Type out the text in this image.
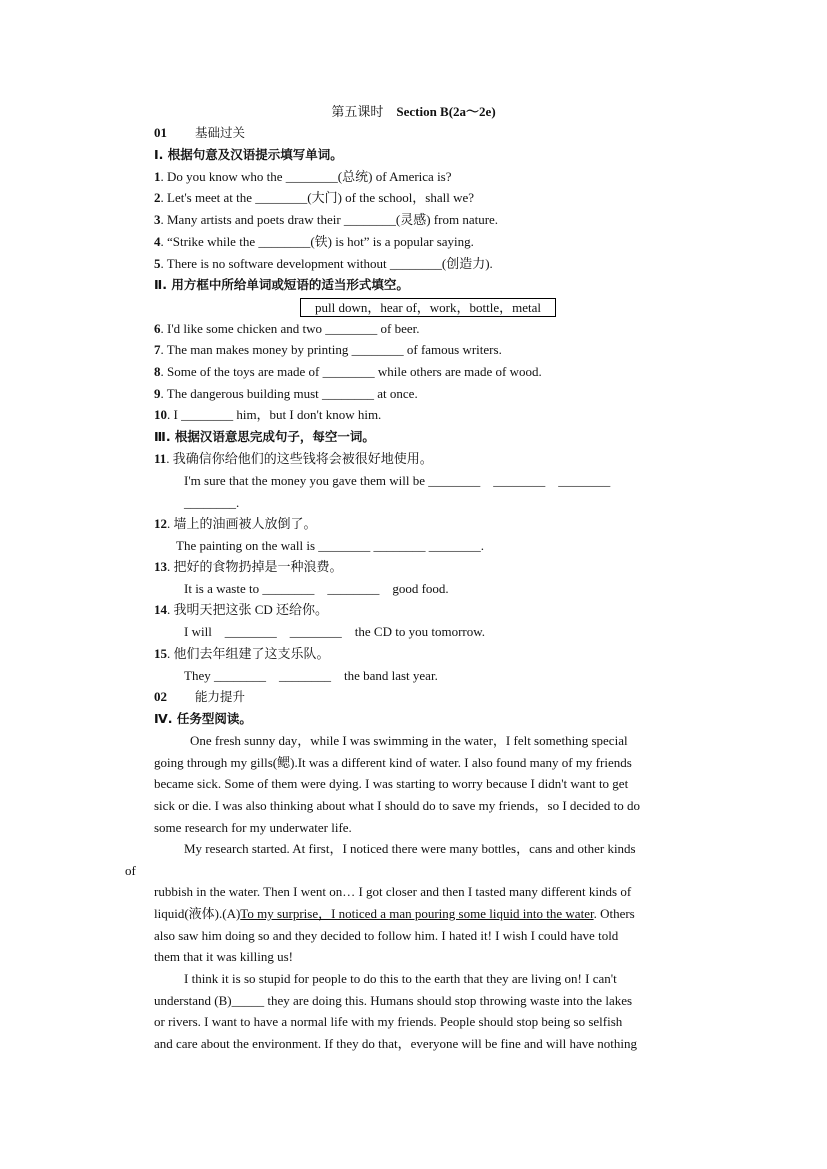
第五课时 Section B(2a～2e)
01 基础过关
Ⅰ. 根据句意及汉语提示填写单词。
1. Do you know who the ________(总统) of America is?
2. Let's meet at the ________(大门) of the school，shall we?
3. Many artists and poets draw their ________(灵感) from nature.
4. “Strike while the ________(铁) is hot” is a popular saying.
5. There is no software development without ________(创造力).
Ⅱ. 用方框中所给单词或短语的适当形式填空。
pull down，hear of，work，bottle，metal
6. I'd like some chicken and two ________ of beer.
7. The man makes money by printing ________ of famous writers.
8. Some of the toys are made of ________ while others are made of wood.
9. The dangerous building must ________ at once.
10. I ________ him，but I don't know him.
Ⅲ. 根据汉语意思完成句子，每空一词。
11. 我确信你给他们的这些钱将会被很好地使用。
I'm sure that the money you gave them will be ________    ________    ________
________.
12. 墙上的油画被人放倒了。
The painting on the wall is ________ ________ ________.
13. 把好的食物扔掉是一种浪费。
It is a waste to ________    ________    good food.
14. 我明天把这张 CD 还给你。
I will    ________    ________    the CD to you tomorrow.
15. 他们去年组建了这支乐队。
They ________    ________    the band last year.
02 能力提升
Ⅳ. 任务型阅读。
One fresh sunny day，while I was swimming in the water，I felt something special
going through my gills(鳃).It was a different kind of water. I also found many of my friends
became sick. Some of them were dying. I was starting to worry because I didn't want to get
sick or die. I was also thinking about what I should do to save my friends，so I decided to do
some research for my underwater life.
My research started. At first，I noticed there were many bottles，cans and other kinds
of
rubbish in the water. Then I went on… I got closer and then I tasted many different kinds of
liquid(液体).(A)To my surprise，I noticed a man pouring some liquid into the water. Others
also saw him doing so and they decided to follow him. I hated it! I wish I could have told
them that it was killing us!
I think it is so stupid for people to do this to the earth that they are living on! I can't
understand (B)_____ they are doing this. Humans should stop throwing waste into the lakes
or rivers. I want to have a normal life with my friends. People should stop being so selfish
and care about the environment. If they do that，everyone will be fine and will have nothing
